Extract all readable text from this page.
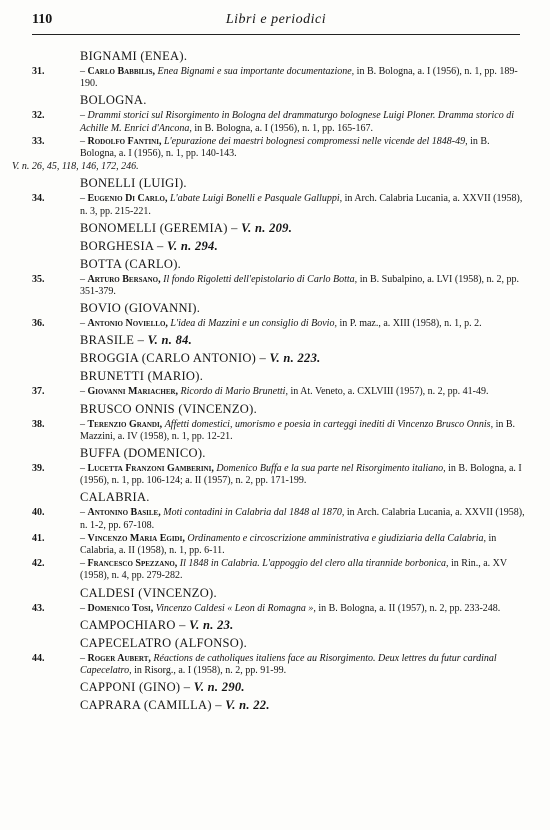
110	Libri e periodici
BIGNAMI (ENEA).
31.	– Carlo Babbilis, Enea Bignami e sua importante documentazione, in B. Bologna, a. I (1956), n. 1, pp. 189-190.
BOLOGNA.
32.	– Drammi storici sul Risorgimento in Bologna del drammaturgo bolognese Luigi Ploner. Dramma storico di Achille M. Enrici d'Ancona, in B. Bologna, a. I (1956), n. 1, pp. 165-167.
33.	– Rodolfo Fantini, L'epurazione dei maestri bolognesi compromessi nelle vicende del 1848-49, in B. Bologna, a. I (1956), n. 1, pp. 140-143.
V. n. 26, 45, 118, 146, 172, 246.
BONELLI (LUIGI).
34.	– Eugenio Di Carlo, L'abate Luigi Bonelli e Pasquale Galluppi, in Arch. Calabria Lucania, a. XXVII (1958), n. 3, pp. 215-221.
BONOMELLI (GEREMIA) – V. n. 209.
BORGHESIA – V. n. 294.
BOTTA (CARLO).
35.	– Arturo Bersano, Il fondo Rigoletti dell'epistolario di Carlo Botta, in B. Subalpino, a. LVI (1958), n. 2, pp. 351-379.
BOVIO (GIOVANNI).
36.	– Antonio Noviello, L'idea di Mazzini e un consiglio di Bovio, in P. maz., a. XIII (1958), n. 1, p. 2.
BRASILE – V. n. 84.
BROGGIA (CARLO ANTONIO) – V. n. 223.
BRUNETTI (MARIO).
37.	– Giovanni Mariacher, Ricordo di Mario Brunetti, in At. Veneto, a. CXLVIII (1957), n. 2, pp. 41-49.
BRUSCO ONNIS (VINCENZO).
38.	– Terenzio Grandi, Affetti domestici, umorismo e poesia in carteggi inediti di Vincenzo Brusco Onnis, in B. Mazzini, a. IV (1958), n. 1, pp. 12-21.
BUFFA (DOMENICO).
39.	– Lucetta Franzoni Gamberini, Domenico Buffa e la sua parte nel Risorgimento italiano, in B. Bologna, a. I (1956), n. 1, pp. 106-124; a. II (1957), n. 2, pp. 171-199.
CALABRIA.
40.	– Antonino Basile, Moti contadini in Calabria dal 1848 al 1870, in Arch. Calabria Lucania, a. XXVII (1958), n. 1-2, pp. 67-108.
41.	– Vincenzo Maria Egidi, Ordinamento e circoscrizione amministrativa e giudiziaria della Calabria, in Calabria, a. II (1958), n. 1, pp. 6-11.
42.	– Francesco Spezzano, Il 1848 in Calabria. L'appoggio del clero alla tirannide borbonica, in Rin., a. XV (1958), n. 4, pp. 279-282.
CALDESI (VINCENZO).
43.	– Domenico Tosi, Vincenzo Caldesi « Leon di Romagna », in B. Bologna, a. II (1957), n. 2, pp. 233-248.
CAMPOCHIARO – V. n. 23.
CAPECELATRO (ALFONSO).
44.	– Roger Aubert, Réactions de catholiques italiens face au Risorgimento. Deux lettres du futur cardinal Capecelatro, in Risorg., a. I (1958), n. 2, pp. 91-99.
CAPPONI (GINO) – V. n. 290.
CAPRARA (CAMILLA) – V. n. 22.
